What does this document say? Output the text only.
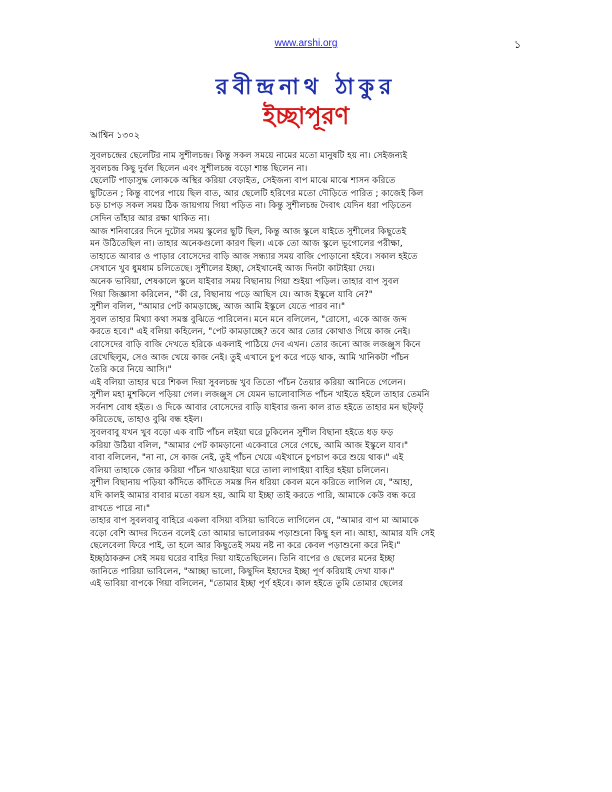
www.arshi.org	১
রবীন্দ্রনাথ ঠাকুর
ইচ্ছাপূরণ
আশ্বিন ১৩০২
সুবলচন্দ্রের ছেলেটির নাম সুশীলচন্দ্র। কিন্তু সকল সময়ে নামের মতো মানুষটি হয় না। সেইজন্যই
সুবলচন্দ্র কিছু দুর্বল ছিলেন এবং সুশীলচন্দ্র বড়ো শান্ত ছিলেন না।
ছেলেটি পাড়াসুদ্ধ লোককে অস্থির করিয়া বেড়াইত, সেইজন্য বাপ মাঝে মাঝে শাসন করিতে
ছুটিতেন ; কিন্তু বাপের পায়ে ছিল বাত, আর ছেলেটি হরিণের মতো দৌড়িতে পারিত ; কাজেই কিল
চড় চাপড় সকল সময় ঠিক জায়গায় গিয়া পড়িত না। কিন্তু সুশীলচন্দ্র দৈবাৎ যেদিন ধরা পড়িতেন
সেদিন তাঁহার আর রক্ষা থাকিত না।
আজ শনিবারের দিনে দুটোর সময় স্কুলের ছুটি ছিল, কিন্তু আজ স্কুলে যাইতে সুশীলের কিছুতেই
মন উঠিতেছিল না। তাহার অনেকগুলো কারণ ছিল। একে তো আজ স্কুলে ভূগোলের পরীক্ষা,
তাহাতে আবার ও পাড়ার বোসেদের বাড়ি আজ সন্ধ্যার সময় বাজি পোড়ানো হইবে। সকাল হইতে
সেখানে খুব ধুমধাম চলিতেছে। সুশীলের ইচ্ছা, সেইখানেই আজ দিনটা কাটাইয়া দেয়।
অনেক ভাবিয়া, শেষকালে স্কুলে যাইবার সময় বিছানায় গিয়া শুইয়া পড়িল। তাহার বাপ সুবল
গিয়া জিজ্ঞাসা করিলেন, "কী রে, বিছানায় পড়ে আছিস যে। আজ ইস্কুলে যাবি নে?"
সুশীল বলিল, "আমার পেট কামড়াচ্ছে, আজ আমি ইস্কুলে যেতে পারব না।"
সুবল তাহার মিথ্যা কথা সমস্ত বুঝিতে পারিলেন। মনে মনে বলিলেন, "রোসো, একে আজ জব্দ
করতে হবে।" এই বলিয়া কহিলেন, "পেট কামড়াচ্ছে? তবে আর তোর কোথাও গিয়ে কাজ নেই।
বোসেদের বাড়ি বাজি দেখতে হরিকে একলাই পাঠিয়ে দেব এখন। তোর জন্যে আজ লজঞ্জুস কিনে
রেখেছিলুম, সেও আজ খেয়ে কাজ নেই। তুই এখানে চুপ করে পড়ে থাক, আমি খানিকটা পাঁচন
তৈরি করে নিয়ে আসি।"
এই বলিয়া তাহার ঘরে শিকল দিয়া সুবলচন্দ্র খুব তিতো পাঁচন তৈয়ার করিয়া আনিতে গেলেন।
সুশীল মহা মুশকিলে পড়িয়া গেল। লজঞ্জুস সে যেমন ভালোবাসিত পাঁচন খাইতে হইলে তাহার তেমনি
সর্বনাশ বোধ হইত। ও দিকে আবার বোসেদের বাড়ি যাইবার জন্য কাল রাত হইতে তাহার মন ছট্‌ফট্‌
করিতেছে, তাহাও বুঝি বন্ধ হইল।
সুবলবাবু যখন খুব বড়ো এক বাটি পাঁচন লইয়া ঘরে ঢুকিলেন সুশীল বিছানা হইতে ধড় ফড়
করিয়া উঠিয়া বলিল, "আমার পেট কামড়ানো একেবারে সেরে গেছে, আমি আজ ইস্কুলে যাব।"
বাবা বলিলেন, "না না, সে কাজ নেই, তুই পাঁচন খেয়ে এইখানে চুপচাপ করে শুয়ে থাক।" এই
বলিয়া তাহাকে জোর করিয়া পাঁচন খাওয়াইয়া ঘরে তালা লাগাইয়া বাহির হইয়া চলিলেন।
সুশীল বিছানায় পড়িয়া কাঁদিতে কাঁদিতে সমস্ত দিন ধরিয়া কেবল মনে করিতে লাগিল যে, "আহা,
যদি কালই আমার বাবার মতো বয়স হয়, আমি যা ইচ্ছা তাই করতে পারি, আমাকে কেউ বন্ধ করে
রাখতে পারে না।"
তাহার বাপ সুবলবাবু বাহিরে একলা বসিয়া বসিয়া ভাবিতে লাগিলেন যে, "আমার বাপ মা আমাকে
বড়ো বেশি আদর দিতেন বলেই তো আমার ভালোরকম পড়াশুনো কিছু হল না। আহা, আমার যদি সেই
ছেলেবেলা ফিরে পাই, তা হলে আর কিছুতেই সময় নষ্ট না করে কেবল পড়াশুনো করে নিই।"
ইচ্ছাঠাকরুন সেই সময় ঘরের বাহির দিয়া যাইতেছিলেন। তিনি বাপের ও ছেলের মনের ইচ্ছা
জানিতে পারিয়া ভাবিলেন, "আচ্ছা ভালো, কিছুদিন ইহাদের ইচ্ছা পূর্ণ করিয়াই দেখা যাক।"
এই ভাবিয়া বাপকে গিয়া বলিলেন, "তোমার ইচ্ছা পূর্ণ হইবে। কাল হইতে তুমি তোমার ছেলের
